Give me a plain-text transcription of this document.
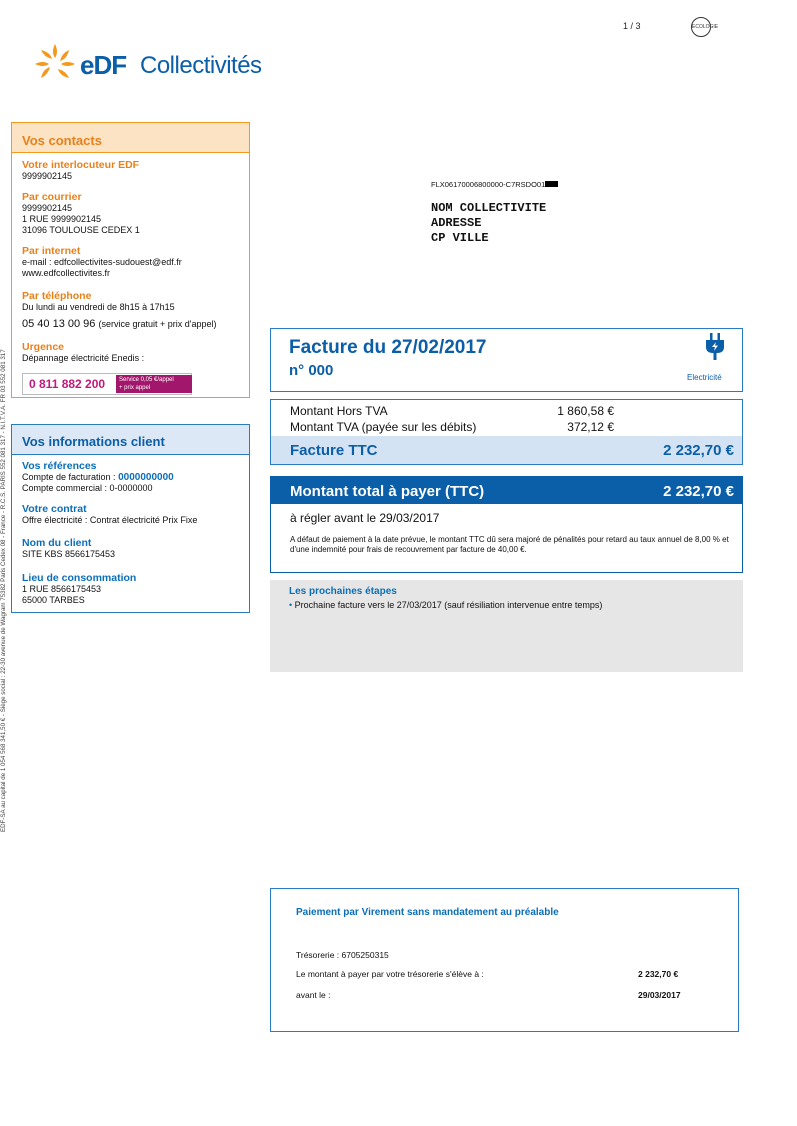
1 / 3	ECOLOGIE
eDF Collectivités
EDF-SA au capital de 1 054 568 341,50 € - Siège social : 22-30 avenue de Wagram 75382 Paris Cedex 08 - France - R.C.S. PARIS 552 081 317 - N.I.T.V.A. FR 03 552 081 317
Vos contacts
Votre interlocuteur EDF
9999902145
Par courrier
9999902145
1 RUE 9999902145
31096 TOULOUSE CEDEX 1
Par internet
e-mail : edfcollectivites-sudouest@edf.fr
www.edfcollectivites.fr
Par téléphone
Du lundi au vendredi de 8h15 à 17h15
05 40 13 00 96 (service gratuit + prix d'appel)
Urgence
Dépannage électricité Enedis :
0 811 882 200	Service 0,05 €/appel
+ prix appel
Vos informations client
Vos références
Compte de facturation : 0000000000
Compte commercial : 0-0000000
Votre contrat
Offre électricité : Contrat électricité Prix Fixe
Nom du client
SITE KBS 8566175453
Lieu de consommation
1 RUE 8566175453
65000 TARBES
FLX06170006800000-C7RSDO01
NOM COLLECTIVITE
ADRESSE
CP VILLE
Facture du 27/02/2017
n° 000	Electricité
Montant Hors TVA	1 860,58 €
Montant TVA (payée sur les débits)	372,12 €
Facture TTC	2 232,70 €
Montant total à payer (TTC)	2 232,70 €
à régler avant le 29/03/2017
A défaut de paiement à la date prévue, le montant TTC dû sera majoré de pénalités pour retard au taux annuel de 8,00 % et d'une indemnité pour frais de recouvrement par facture de 40,00 €.
Les prochaines étapes
• Prochaine facture vers le 27/03/2017 (sauf résiliation intervenue entre temps)
Paiement par Virement sans mandatement au préalable
Trésorerie : 6705250315
Le montant à payer par votre trésorerie s'élève à :	2 232,70 €
avant le :	29/03/2017
